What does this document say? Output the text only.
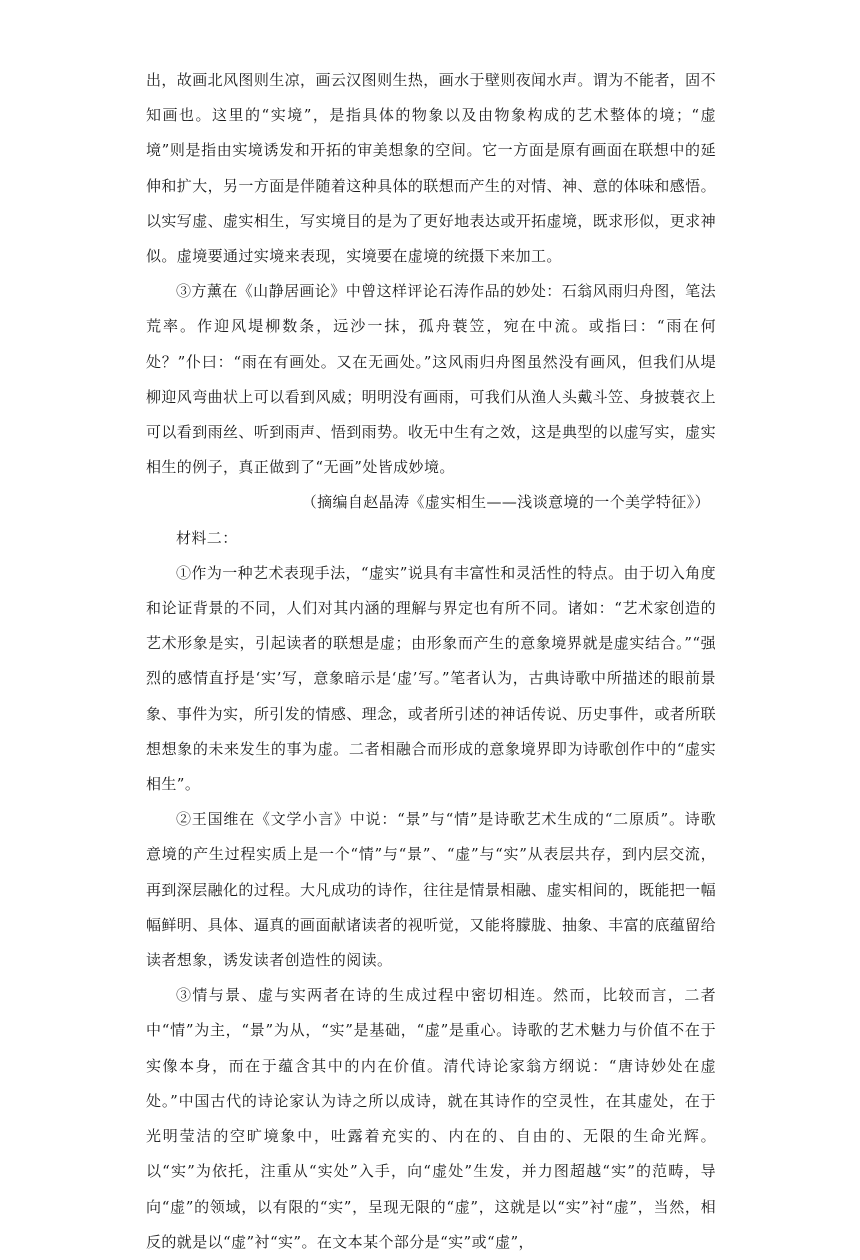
出，故画北风图则生凉，画云汉图则生热，画水于壁则夜闻水声。谓为不能者，固不知画也。这里的“实境”，是指具体的物象以及由物象构成的艺术整体的境；“虚境”则是指由实境诱发和开拓的审美想象的空间。它一方面是原有画面在联想中的延伸和扩大，另一方面是伴随着这种具体的联想而产生的对情、神、意的体味和感悟。以实写虚、虚实相生，写实境目的是为了更好地表达或开拓虚境，既求形似，更求神似。虚境要通过实境来表现，实境要在虚境的统摄下来加工。

③方薰在《山静居画论》中曾这样评论石涛作品的妙处：石翁风雨归舟图，笔法荒率。作迎风堤柳数条，远沙一抹，孤舟蓑笠，宛在中流。或指曰：“雨在何处？”仆曰：“雨在有画处。又在无画处。”这风雨归舟图虽然没有画风，但我们从堤柳迎风弯曲状上可以看到风威；明明没有画雨，可我们从渔人头戴斗笠、身披蓑衣上可以看到雨丝、听到雨声、悟到雨势。收无中生有之效，这是典型的以虚写实，虚实相生的例子，真正做到了“无画”处皆成妙境。

（摘编自赵晶涛《虚实相生——浅谈意境的一个美学特征》）

材料二：

①作为一种艺术表现手法，“虚实”说具有丰富性和灵活性的特点。由于切入角度和论证背景的不同，人们对其内涵的理解与界定也有所不同。诸如：“艺术家创造的艺术形象是实，引起读者的联想是虚；由形象而产生的意象境界就是虚实结合。”“强烈的感情直抒是‘实’写，意象暗示是‘虚’写。”笔者认为，古典诗歌中所描述的眼前景象、事件为实，所引发的情感、理念，或者所引述的神话传说、历史事件，或者所联想想象的未来发生的事为虚。二者相融合而形成的意象境界即为诗歌创作中的“虚实相生”。

②王国维在《文学小言》中说：“景”与“情”是诗歌艺术生成的“二原质”。诗歌意境的产生过程实质上是一个“情”与“景”、“虚”与“实”从表层共存，到内层交流，再到深层融化的过程。大凡成功的诗作，往往是情景相融、虚实相间的，既能把一幅幅鲜明、具体、逼真的画面献诸读者的视听觉，又能将朦胧、抽象、丰富的底蕴留给读者想象，诱发读者创造性的阅读。

③情与景、虚与实两者在诗的生成过程中密切相连。然而，比较而言，二者中“情”为主，“景”为从，“实”是基础，“虚”是重心。诗歌的艺术魅力与价值不在于实像本身，而在于蕴含其中的内在价值。清代诗论家翁方纲说：“唐诗妙处在虚处。”中国古代的诗论家认为诗之所以成诗，就在其诗作的空灵性，在其虚处，在于光明莹洁的空旷境象中，吐露着充实的、内在的、自由的、无限的生命光辉。以“实”为依托，注重从“实处”入手，向“虚处”生发，并力图超越“实”的范畴，导向“虚”的领域，以有限的“实”，呈现无限的“虚”，这就是以“实”衬“虚”，当然，相反的就是以“虚”衬“实”。在文本某个部分是“实”或“虚”，
